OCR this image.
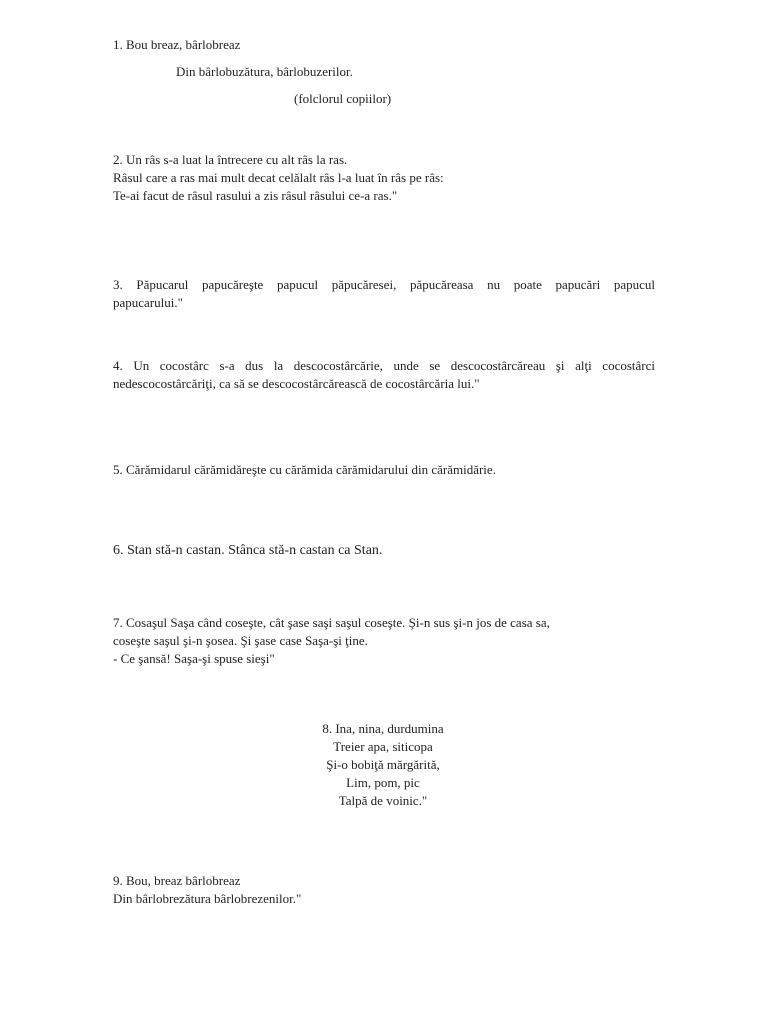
1. Bou breaz, bârlobreaz
Din bârlobuzătura, bârlobuzerilor.
(folclorul copiilor)
2. Un râs s-a luat la întrecere cu alt râs la ras.
Râsul care a ras mai mult decat celălalt râs l-a luat în râs pe râs:
Te-ai facut de râsul rasului a zis râsul râsului ce-a ras."
3. Păpucarul papucăreşte papucul păpucăresei, păpucăreasa nu poate papucări papucul
papucarului."
4. Un cocostârc s-a dus la descocostârcărie, unde se descocostârcăreau şi alţi cocostârci
nedescocostârcăriţi, ca să se descocostârcărească de cocostârcăria lui."
5. Cărămidarul cărămidăreşte cu cărămida cărămidarului din cărămidărie.
6. Stan stă-n castan. Stânca stă-n castan ca Stan.
7. Cosaşul Saşa când coseşte, cât şase saşi saşul coseşte. Şi-n sus şi-n jos de casa sa,
coseşte saşul şi-n şosea. Şi şase case Saşa-şi ţine.
- Ce şansă! Saşa-şi spuse sieşi"
8. Ina, nina, durdumina
Treier apa, siticopa
Şi-o bobiţă mărgărită,
Lim, pom, pic
Talpă de voinic."
9. Bou, breaz bârlobreaz
Din bârlobrezătura bârlobrezenilor."
